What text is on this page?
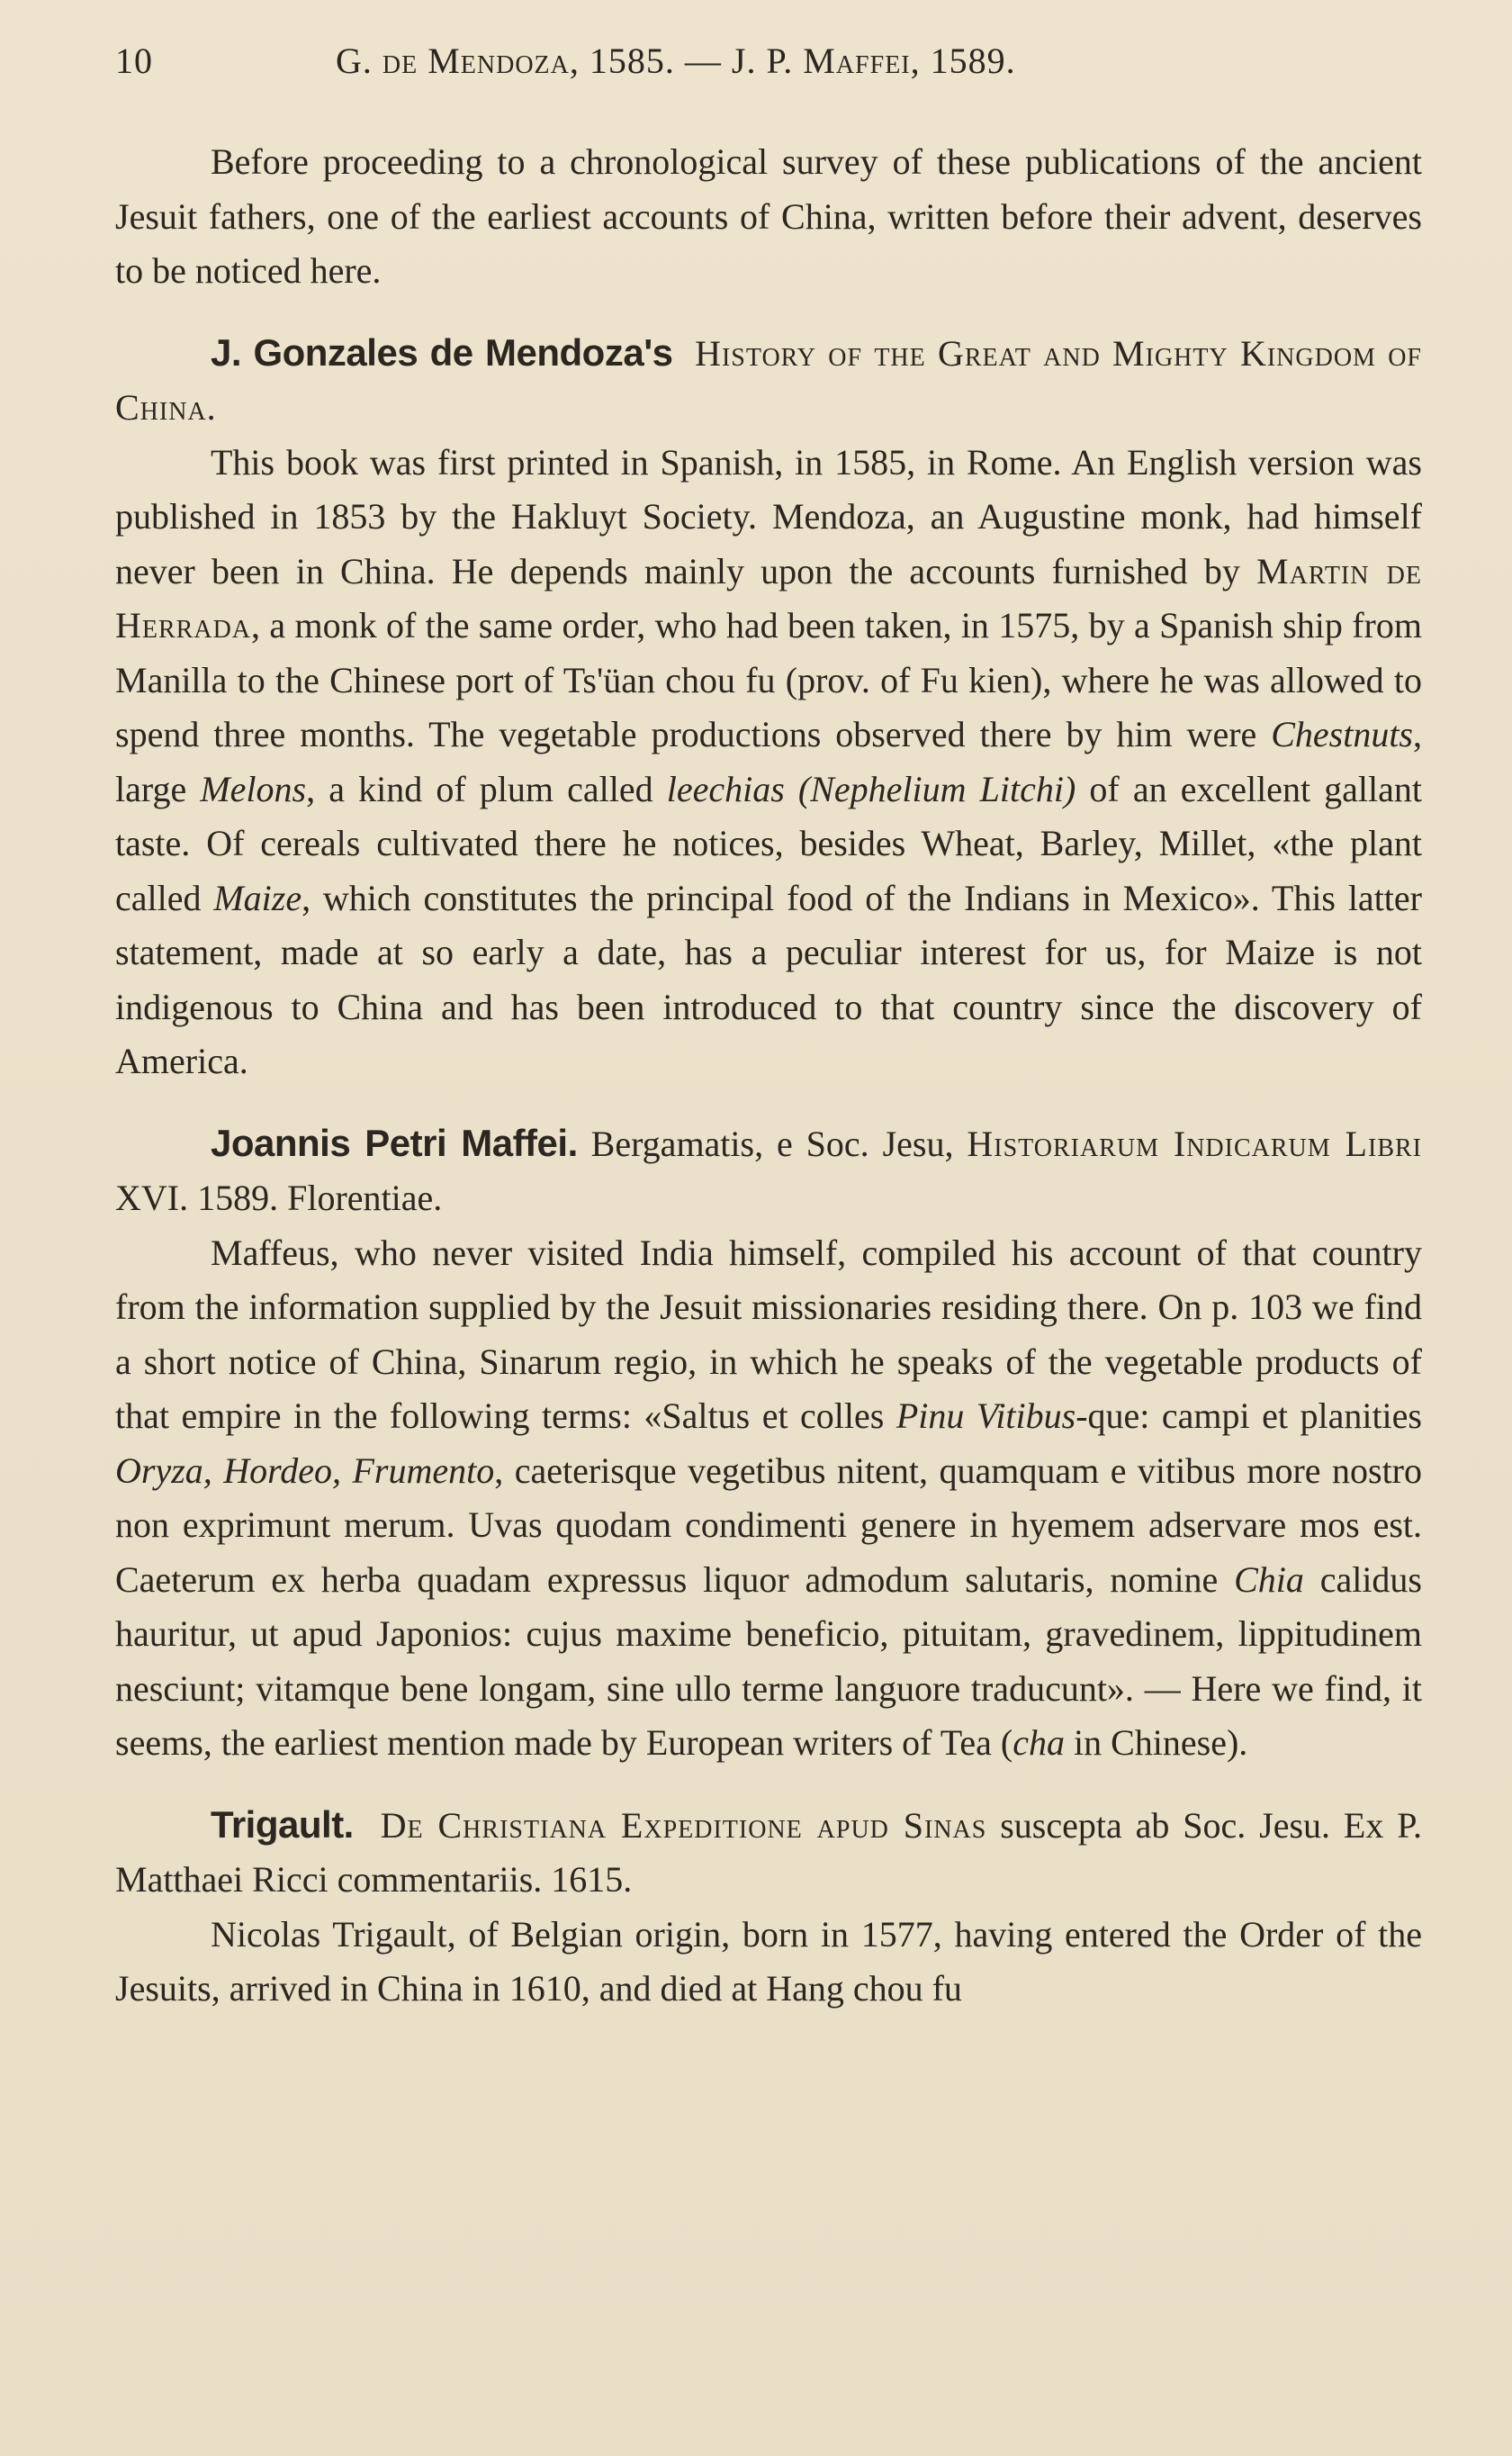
10	G. de Mendoza, 1585. — J. P. Maffei, 1589.

Before proceeding to a chronological survey of these publications of the ancient Jesuit fathers, one of the earliest accounts of China, written before their advent, deserves to be noticed here.

J. Gonzales de Mendoza's History of the Great and Mighty Kingdom of China.

This book was first printed in Spanish, in 1585, in Rome. An English version was published in 1853 by the Hakluyt Society. Mendoza, an Augustine monk, had himself never been in China. He depends mainly upon the accounts furnished by Martin de Herrada, a monk of the same order, who had been taken, in 1575, by a Spanish ship from Manilla to the Chinese port of Ts'üan chou fu (prov. of Fu kien), where he was allowed to spend three months. The vegetable productions observed there by him were Chestnuts, large Melons, a kind of plum called leechias (Nephelium Litchi) of an excellent gallant taste. Of cereals cultivated there he notices, besides Wheat, Barley, Millet, «the plant called Maize, which constitutes the principal food of the Indians in Mexico». This latter statement, made at so early a date, has a peculiar interest for us, for Maize is not indigenous to China and has been introduced to that country since the discovery of America.

Joannis Petri Maffei. Bergamatis, e Soc. Jesu, Historiarum Indicarum Libri XVI. 1589. Florentiae.

Maffeus, who never visited India himself, compiled his account of that country from the information supplied by the Jesuit missionaries residing there. On p. 103 we find a short notice of China, Sinarum regio, in which he speaks of the vegetable products of that empire in the following terms: «Saltus et colles Pinu Vitibus-que: campi et planities Oryza, Hordeo, Frumento, caeterisque vegetibus nitent, quamquam e vitibus more nostro non exprimunt merum. Uvas quodam condimenti genere in hyemem adservare mos est. Caeterum ex herba quadam expressus liquor admodum salutaris, nomine Chia calidus hauritur, ut apud Japonios: cujus maxime beneficio, pituitam, gravedinem, lippitudinem nesciunt; vitamque bene longam, sine ullo terme languore traducunt». — Here we find, it seems, the earliest mention made by European writers of Tea (cha in Chinese).

Trigault. De Christiana Expeditione apud Sinas suscepta ab Soc. Jesu. Ex P. Matthaei Ricci commentariis. 1615.

Nicolas Trigault, of Belgian origin, born in 1577, having entered the Order of the Jesuits, arrived in China in 1610, and died at Hang chou fu
